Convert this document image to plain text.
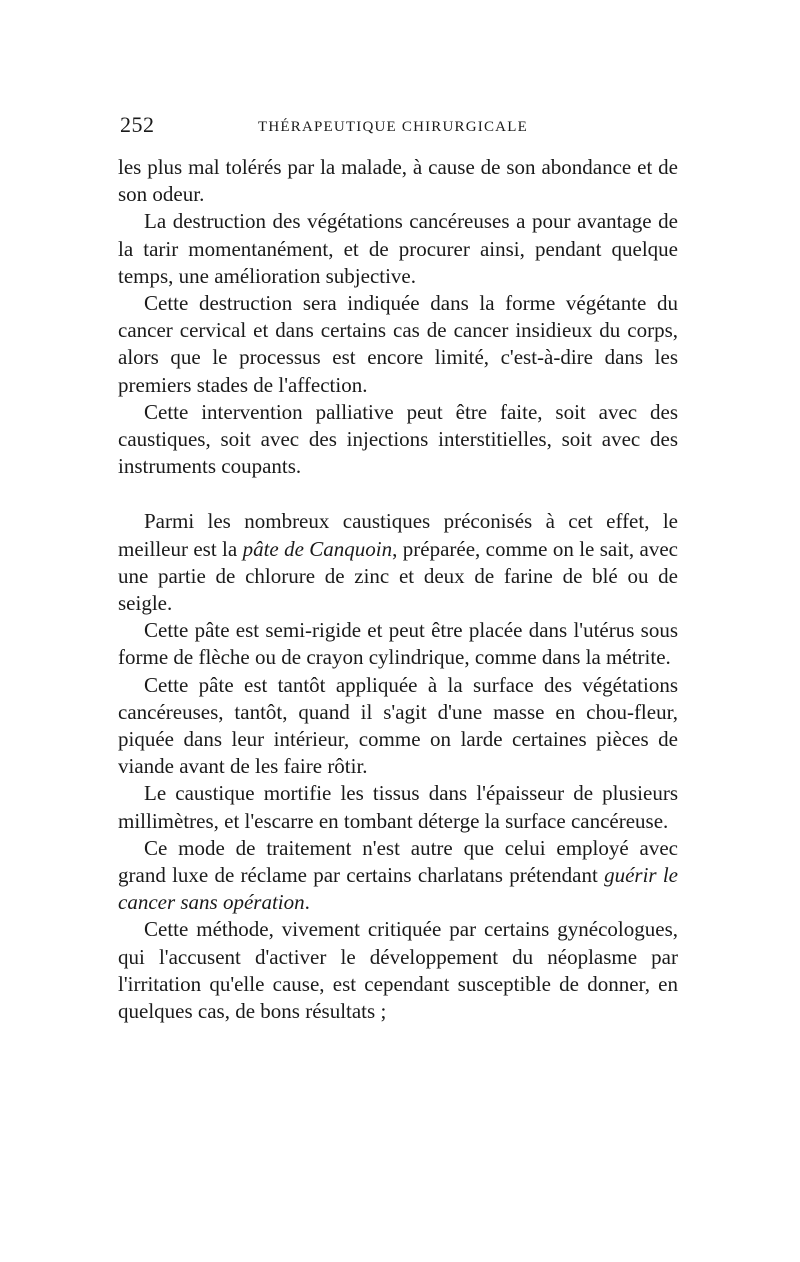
252	THÉRAPEUTIQUE CHIRURGICALE

les plus mal tolérés par la malade, à cause de son abondance et de son odeur.

La destruction des végétations cancéreuses a pour avantage de la tarir momentanément, et de procurer ainsi, pendant quelque temps, une amélioration subjective.

Cette destruction sera indiquée dans la forme végétante du cancer cervical et dans certains cas de cancer insidieux du corps, alors que le processus est encore limité, c'est-à-dire dans les premiers stades de l'affection.

Cette intervention palliative peut être faite, soit avec des caustiques, soit avec des injections interstitielles, soit avec des instruments coupants.

Parmi les nombreux caustiques préconisés à cet effet, le meilleur est la pâte de Canquoin, préparée, comme on le sait, avec une partie de chlorure de zinc et deux de farine de blé ou de seigle.

Cette pâte est semi-rigide et peut être placée dans l'utérus sous forme de flèche ou de crayon cylindrique, comme dans la métrite.

Cette pâte est tantôt appliquée à la surface des végétations cancéreuses, tantôt, quand il s'agit d'une masse en chou-fleur, piquée dans leur intérieur, comme on larde certaines pièces de viande avant de les faire rôtir.

Le caustique mortifie les tissus dans l'épaisseur de plusieurs millimètres, et l'escarre en tombant déterge la surface cancéreuse.

Ce mode de traitement n'est autre que celui employé avec grand luxe de réclame par certains charlatans prétendant guérir le cancer sans opération.

Cette méthode, vivement critiquée par certains gynécologues, qui l'accusent d'activer le développement du néoplasme par l'irritation qu'elle cause, est cependant susceptible de donner, en quelques cas, de bons résultats ;
